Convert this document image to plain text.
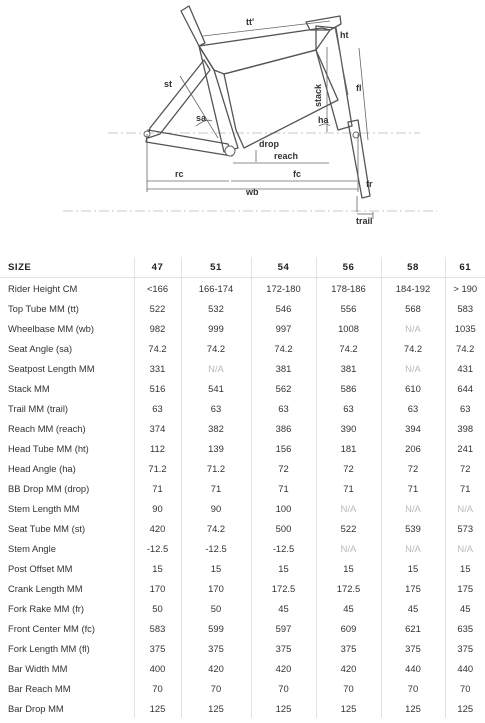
tt'
ht
st	stack	fl
sa	ha
drop
reach
rc	fc
fr
wb
trail
SIZE	47	51	54	56	58	61
Rider Height CM	<166	166-174	172-180	178-186	184-192	> 190
Top Tube MM (tt)	522	532	546	556	568	583
Wheelbase MM (wb)	982	999	997	1008	N/A	1035
Seat Angle (sa)	74.2	74.2	74.2	74.2	74.2	74.2
Seatpost Length MM	331	N/A	381	381	N/A	431
Stack MM	516	541	562	586	610	644
Trail MM (trail)	63	63	63	63	63	63
Reach MM (reach)	374	382	386	390	394	398
Head Tube MM (ht)	112	139	156	181	206	241
Head Angle (ha)	71.2	71.2	72	72	72	72
BB Drop MM (drop)	71	71	71	71	71	71
Stem Length MM	90	90	100	N/A	N/A	N/A
Seat Tube MM (st)	420	74.2	500	522	539	573
Stem Angle	-12.5	-12.5	-12.5	N/A	N/A	N/A
Post Offset MM	15	15	15	15	15	15
Crank Length MM	170	170	172.5	172.5	175	175
Fork Rake MM (fr)	50	50	45	45	45	45
Front Center MM (fc)	583	599	597	609	621	635
Fork Length MM (fl)	375	375	375	375	375	375
Bar Width MM	400	420	420	420	440	440
Bar Reach MM	70	70	70	70	70	70
Bar Drop MM	125	125	125	125	125	125
